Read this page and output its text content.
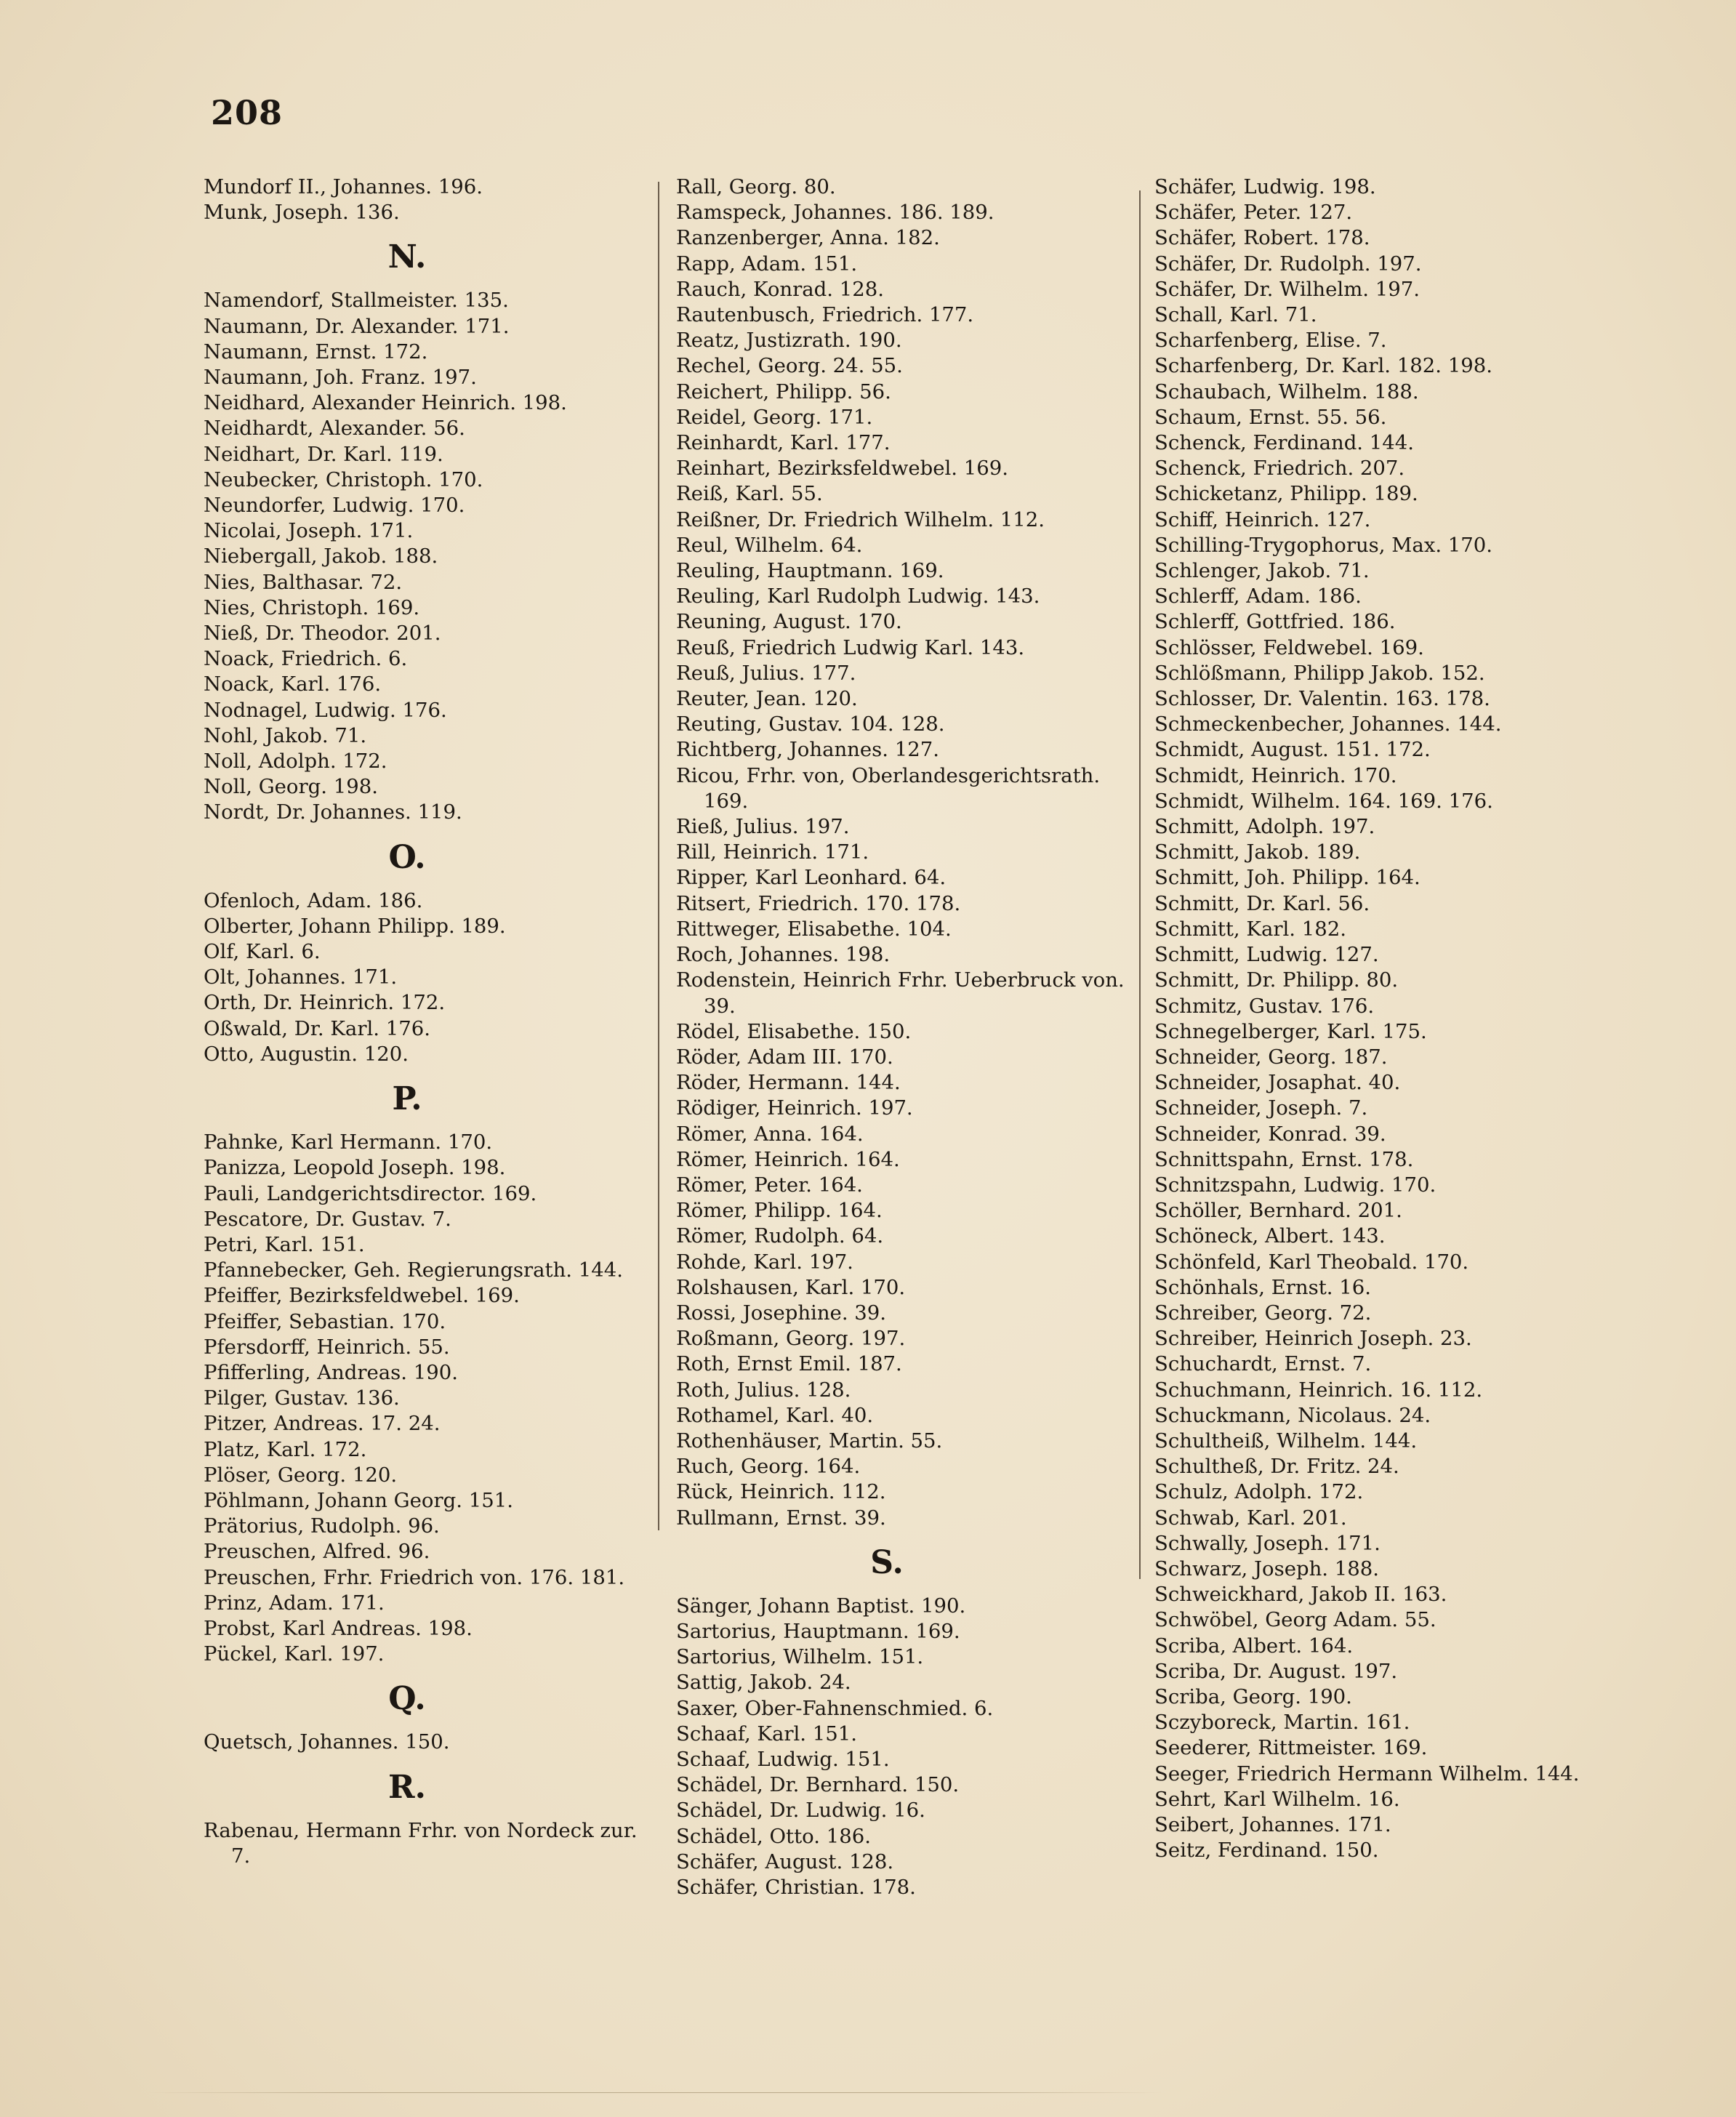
208
Mundorf II., Johannes. 196.
Munk, Joseph. 136.
N.
Namendorf, Stallmeister. 135.
Naumann, Dr. Alexander. 171.
Naumann, Ernst. 172.
Naumann, Joh. Franz. 197.
Neidhard, Alexander Heinrich. 198.
Neidhardt, Alexander. 56.
Neidhart, Dr. Karl. 119.
Neubecker, Christoph. 170.
Neundorfer, Ludwig. 170.
Nicolai, Joseph. 171.
Niebergall, Jakob. 188.
Nies, Balthasar. 72.
Nies, Christoph. 169.
Nieß, Dr. Theodor. 201.
Noack, Friedrich. 6.
Noack, Karl. 176.
Nodnagel, Ludwig. 176.
Nohl, Jakob. 71.
Noll, Adolph. 172.
Noll, Georg. 198.
Nordt, Dr. Johannes. 119.
O.
Ofenloch, Adam. 186.
Olberter, Johann Philipp. 189.
Olf, Karl. 6.
Olt, Johannes. 171.
Orth, Dr. Heinrich. 172.
Oßwald, Dr. Karl. 176.
Otto, Augustin. 120.
P.
Pahnke, Karl Hermann. 170.
Panizza, Leopold Joseph. 198.
Pauli, Landgerichtsdirector. 169.
Pescatore, Dr. Gustav. 7.
Petri, Karl. 151.
Pfannebecker, Geh. Regierungsrath. 144.
Pfeiffer, Bezirksfeldwebel. 169.
Pfeiffer, Sebastian. 170.
Pfersdorff, Heinrich. 55.
Pfifferling, Andreas. 190.
Pilger, Gustav. 136.
Pitzer, Andreas. 17. 24.
Platz, Karl. 172.
Plöser, Georg. 120.
Pöhlmann, Johann Georg. 151.
Prätorius, Rudolph. 96.
Preuschen, Alfred. 96.
Preuschen, Frhr. Friedrich von. 176. 181.
Prinz, Adam. 171.
Probst, Karl Andreas. 198.
Pückel, Karl. 197.
Q.
Quetsch, Johannes. 150.
R.
Rabenau, Hermann Frhr. von Nordeck zur. 7.
Rall, Georg. 80.
Ramspeck, Johannes. 186. 189.
Ranzenberger, Anna. 182.
Rapp, Adam. 151.
Rauch, Konrad. 128.
Rautenbusch, Friedrich. 177.
Reatz, Justizrath. 190.
Rechel, Georg. 24. 55.
Reichert, Philipp. 56.
Reidel, Georg. 171.
Reinhardt, Karl. 177.
Reinhart, Bezirksfeldwebel. 169.
Reiß, Karl. 55.
Reißner, Dr. Friedrich Wilhelm. 112.
Reul, Wilhelm. 64.
Reuling, Hauptmann. 169.
Reuling, Karl Rudolph Ludwig. 143.
Reuning, August. 170.
Reuß, Friedrich Ludwig Karl. 143.
Reuß, Julius. 177.
Reuter, Jean. 120.
Reuting, Gustav. 104. 128.
Richtberg, Johannes. 127.
Ricou, Frhr. von, Oberlandesgerichtsrath. 169.
Rieß, Julius. 197.
Rill, Heinrich. 171.
Ripper, Karl Leonhard. 64.
Ritsert, Friedrich. 170. 178.
Rittweger, Elisabethe. 104.
Roch, Johannes. 198.
Rodenstein, Heinrich Frhr. Ueberbruck von. 39.
Rödel, Elisabethe. 150.
Röder, Adam III. 170.
Röder, Hermann. 144.
Rödiger, Heinrich. 197.
Römer, Anna. 164.
Römer, Heinrich. 164.
Römer, Peter. 164.
Römer, Philipp. 164.
Römer, Rudolph. 64.
Rohde, Karl. 197.
Rolshausen, Karl. 170.
Rossi, Josephine. 39.
Roßmann, Georg. 197.
Roth, Ernst Emil. 187.
Roth, Julius. 128.
Rothamel, Karl. 40.
Rothenhäuser, Martin. 55.
Ruch, Georg. 164.
Rück, Heinrich. 112.
Rullmann, Ernst. 39.
S.
Sänger, Johann Baptist. 190.
Sartorius, Hauptmann. 169.
Sartorius, Wilhelm. 151.
Sattig, Jakob. 24.
Saxer, Ober-Fahnenschmied. 6.
Schaaf, Karl. 151.
Schaaf, Ludwig. 151.
Schädel, Dr. Bernhard. 150.
Schädel, Dr. Ludwig. 16.
Schädel, Otto. 186.
Schäfer, August. 128.
Schäfer, Christian. 178.
Schäfer, Ludwig. 198.
Schäfer, Peter. 127.
Schäfer, Robert. 178.
Schäfer, Dr. Rudolph. 197.
Schäfer, Dr. Wilhelm. 197.
Schall, Karl. 71.
Scharfenberg, Elise. 7.
Scharfenberg, Dr. Karl. 182. 198.
Schaubach, Wilhelm. 188.
Schaum, Ernst. 55. 56.
Schenck, Ferdinand. 144.
Schenck, Friedrich. 207.
Schicketanz, Philipp. 189.
Schiff, Heinrich. 127.
Schilling-Trygophorus, Max. 170.
Schlenger, Jakob. 71.
Schlerff, Adam. 186.
Schlerff, Gottfried. 186.
Schlösser, Feldwebel. 169.
Schlößmann, Philipp Jakob. 152.
Schlosser, Dr. Valentin. 163. 178.
Schmeckenbecher, Johannes. 144.
Schmidt, August. 151. 172.
Schmidt, Heinrich. 170.
Schmidt, Wilhelm. 164. 169. 176.
Schmitt, Adolph. 197.
Schmitt, Jakob. 189.
Schmitt, Joh. Philipp. 164.
Schmitt, Dr. Karl. 56.
Schmitt, Karl. 182.
Schmitt, Ludwig. 127.
Schmitt, Dr. Philipp. 80.
Schmitz, Gustav. 176.
Schnegelberger, Karl. 175.
Schneider, Georg. 187.
Schneider, Josaphat. 40.
Schneider, Joseph. 7.
Schneider, Konrad. 39.
Schnittspahn, Ernst. 178.
Schnitzspahn, Ludwig. 170.
Schöller, Bernhard. 201.
Schöneck, Albert. 143.
Schönfeld, Karl Theobald. 170.
Schönhals, Ernst. 16.
Schreiber, Georg. 72.
Schreiber, Heinrich Joseph. 23.
Schuchardt, Ernst. 7.
Schuchmann, Heinrich. 16. 112.
Schuckmann, Nicolaus. 24.
Schultheiß, Wilhelm. 144.
Schultheß, Dr. Fritz. 24.
Schulz, Adolph. 172.
Schwab, Karl. 201.
Schwally, Joseph. 171.
Schwarz, Joseph. 188.
Schweickhard, Jakob II. 163.
Schwöbel, Georg Adam. 55.
Scriba, Albert. 164.
Scriba, Dr. August. 197.
Scriba, Georg. 190.
Sczyboreck, Martin. 161.
Seederer, Rittmeister. 169.
Seeger, Friedrich Hermann Wilhelm. 144.
Sehrt, Karl Wilhelm. 16.
Seibert, Johannes. 171.
Seitz, Ferdinand. 150.
